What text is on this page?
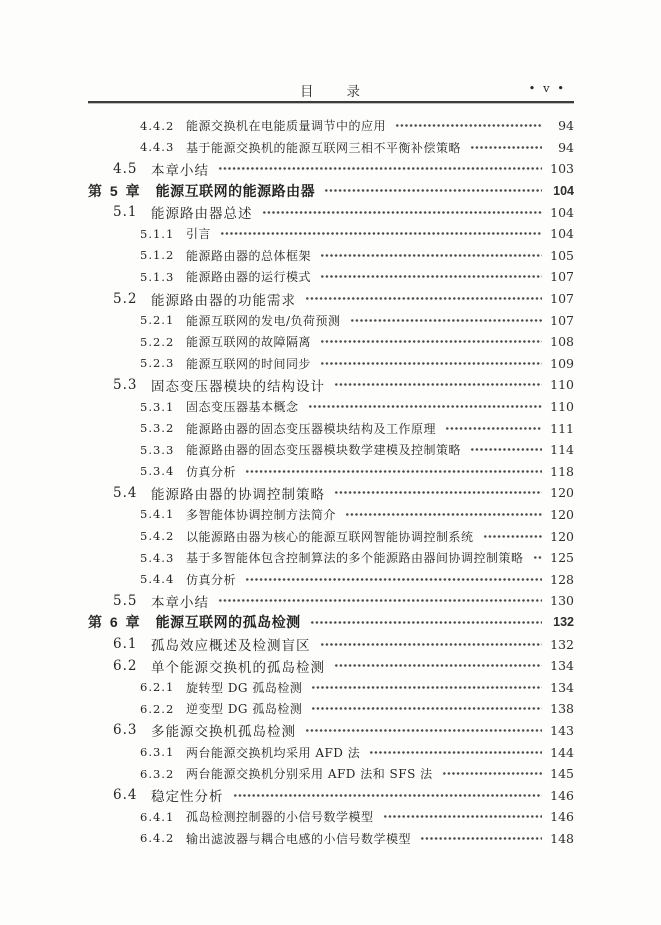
目　　录	• v •
4.4.2 能源交换机在电能质量调节中的应用	94
4.4.3 基于能源交换机的能源互联网三相不平衡补偿策略	94
4.5 本章小结	103
第 5 章 能源互联网的能源路由器	104
5.1 能源路由器总述	104
5.1.1 引言	104
5.1.2 能源路由器的总体框架	105
5.1.3 能源路由器的运行模式	107
5.2 能源路由器的功能需求	107
5.2.1 能源互联网的发电/负荷预测	107
5.2.2 能源互联网的故障隔离	108
5.2.3 能源互联网的时间同步	109
5.3 固态变压器模块的结构设计	110
5.3.1 固态变压器基本概念	110
5.3.2 能源路由器的固态变压器模块结构及工作原理	111
5.3.3 能源路由器的固态变压器模块数学建模及控制策略	114
5.3.4 仿真分析	118
5.4 能源路由器的协调控制策略	120
5.4.1 多智能体协调控制方法简介	120
5.4.2 以能源路由器为核心的能源互联网智能协调控制系统	120
5.4.3 基于多智能体包含控制算法的多个能源路由器间协调控制策略 125
5.4.4 仿真分析	128
5.5 本章小结	130
第 6 章 能源互联网的孤岛检测	132
6.1 孤岛效应概述及检测盲区	132
6.2 单个能源交换机的孤岛检测	134
6.2.1 旋转型 DG 孤岛检测	134
6.2.2 逆变型 DG 孤岛检测	138
6.3 多能源交换机孤岛检测	143
6.3.1 两台能源交换机均采用 AFD 法	144
6.3.2 两台能源交换机分别采用 AFD 法和 SFS 法	145
6.4 稳定性分析	146
6.4.1 孤岛检测控制器的小信号数学模型	146
6.4.2 输出滤波器与耦合电感的小信号数学模型	148
